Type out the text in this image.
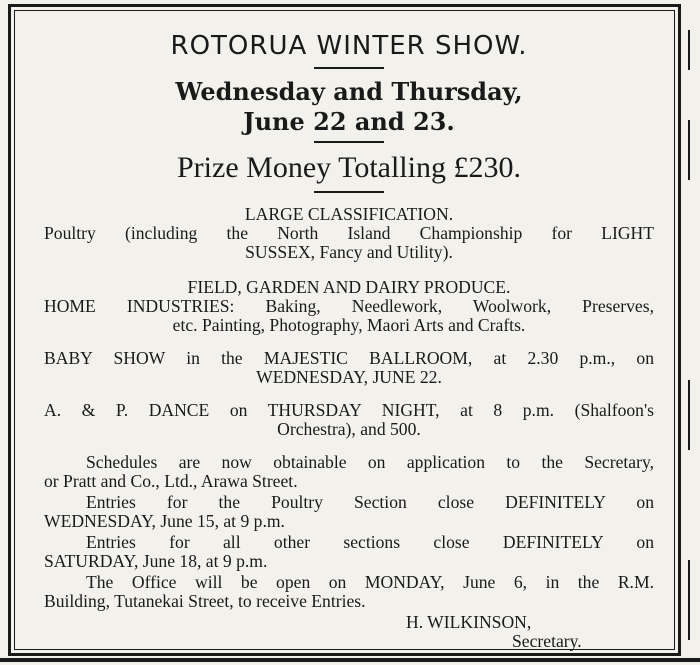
ROTORUA WINTER SHOW.
Wednesday and Thursday,
June 22 and 23.
Prize Money Totalling £230.
LARGE CLASSIFICATION.
Poultry (including the North Island Championship for LIGHT
SUSSEX, Fancy and Utility).
FIELD, GARDEN AND DAIRY PRODUCE.
HOME INDUSTRIES: Baking, Needlework, Woolwork, Preserves,
etc. Painting, Photography, Maori Arts and Crafts.
BABY SHOW in the MAJESTIC BALLROOM, at 2.30 p.m., on
WEDNESDAY, JUNE 22.
A. & P. DANCE on THURSDAY NIGHT, at 8 p.m. (Shalfoon's
Orchestra), and 500.
Schedules are now obtainable on application to the Secretary,
or Pratt and Co., Ltd., Arawa Street.
Entries for the Poultry Section close DEFINITELY on
WEDNESDAY, June 15, at 9 p.m.
Entries for all other sections close DEFINITELY on
SATURDAY, June 18, at 9 p.m.
The Office will be open on MONDAY, June 6, in the R.M.
Building, Tutanekai Street, to receive Entries.
H. WILKINSON,
Secretary.
